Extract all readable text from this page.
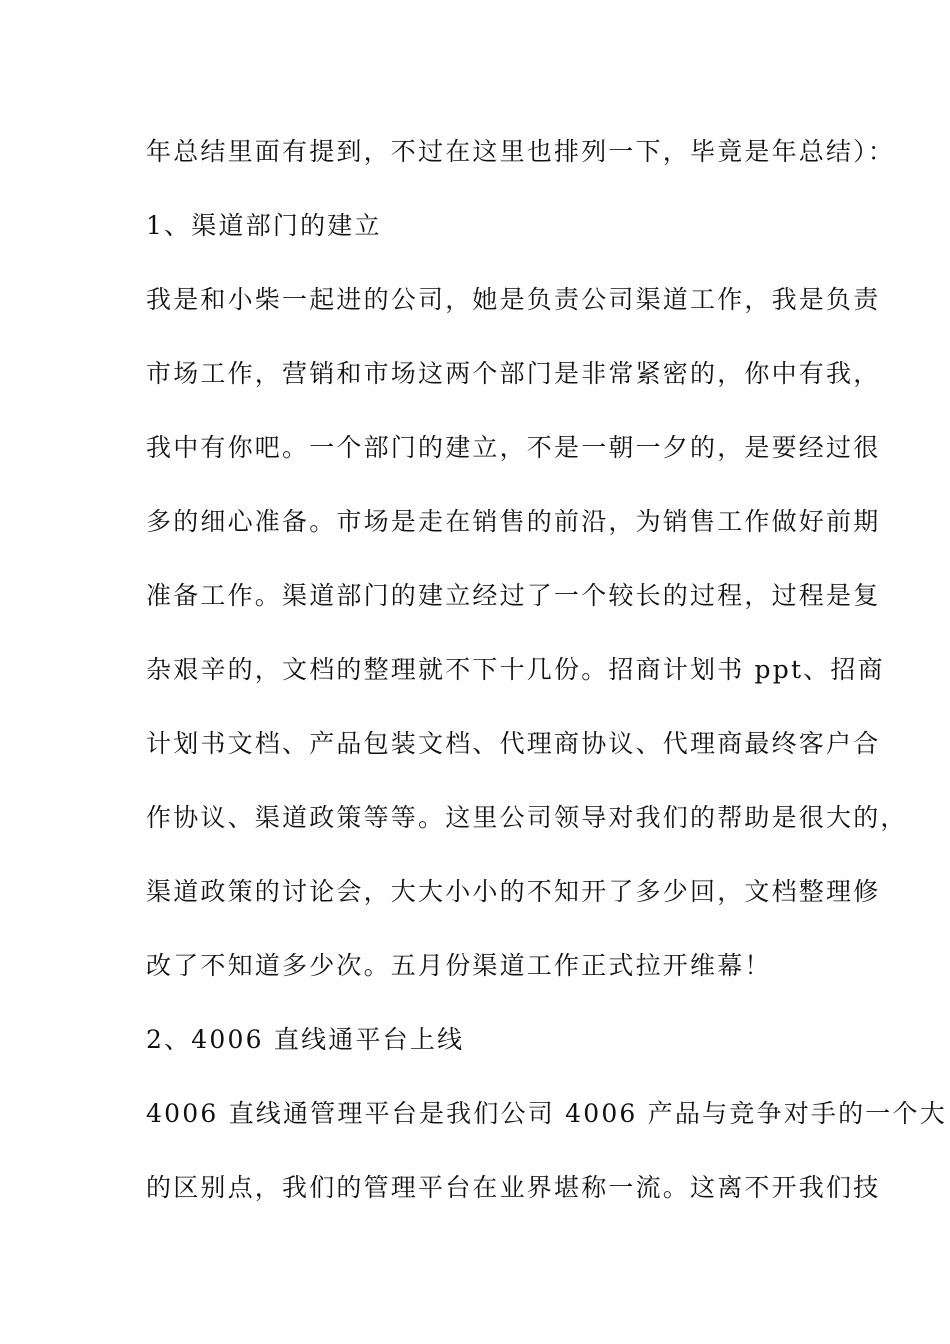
年总结里面有提到，不过在这里也排列一下，毕竟是年总结）：
1、渠道部门的建立
我是和小柴一起进的公司，她是负责公司渠道工作，我是负责
市场工作，营销和市场这两个部门是非常紧密的，你中有我，
我中有你吧。一个部门的建立，不是一朝一夕的，是要经过很
多的细心准备。市场是走在销售的前沿，为销售工作做好前期
准备工作。渠道部门的建立经过了一个较长的过程，过程是复
杂艰辛的，文档的整理就不下十几份。招商计划书 ppt、招商
计划书文档、产品包装文档、代理商协议、代理商最终客户合
作协议、渠道政策等等。这里公司领导对我们的帮助是很大的，
渠道政策的讨论会，大大小小的不知开了多少回，文档整理修
改了不知道多少次。五月份渠道工作正式拉开维幕！
2、4006 直线通平台上线
4006 直线通管理平台是我们公司 4006 产品与竞争对手的一个大
的区别点，我们的管理平台在业界堪称一流。这离不开我们技
